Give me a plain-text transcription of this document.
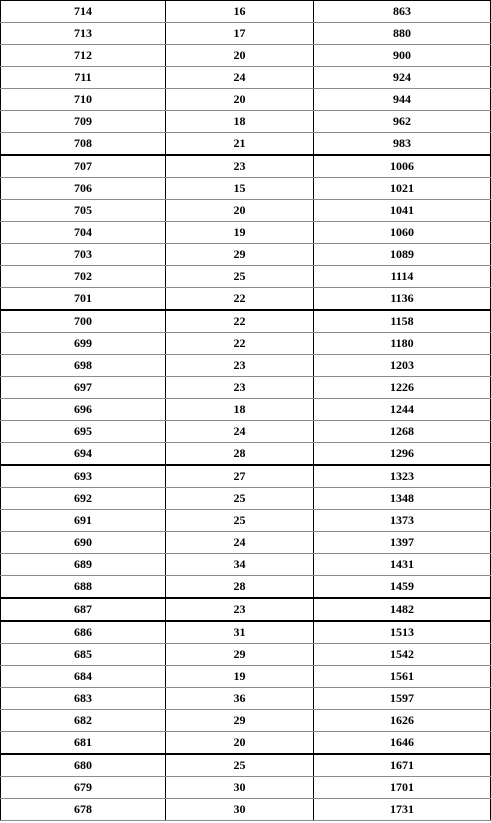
714	16	863
713	17	880
712	20	900
711	24	924
710	20	944
709	18	962
708	21	983
707	23	1006
706	15	1021
705	20	1041
704	19	1060
703	29	1089
702	25	1114
701	22	1136
700	22	1158
699	22	1180
698	23	1203
697	23	1226
696	18	1244
695	24	1268
694	28	1296
693	27	1323
692	25	1348
691	25	1373
690	24	1397
689	34	1431
688	28	1459
687	23	1482
686	31	1513
685	29	1542
684	19	1561
683	36	1597
682	29	1626
681	20	1646
680	25	1671
679	30	1701
678	30	1731
